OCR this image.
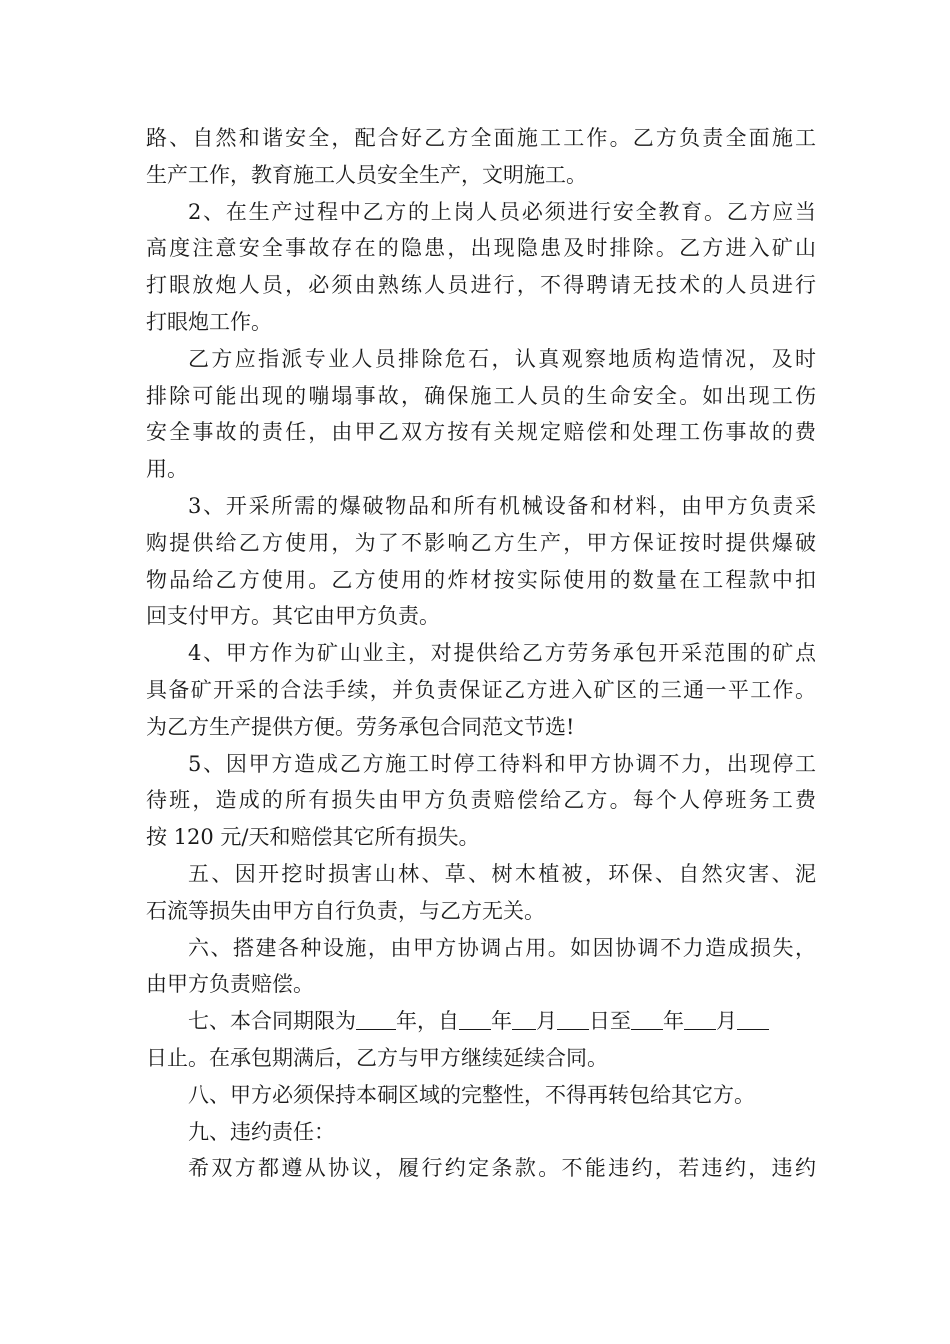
路、自然和谐安全，配合好乙方全面施工工作。乙方负责全面施工
生产工作，教育施工人员安全生产，文明施工。
2、在生产过程中乙方的上岗人员必须进行安全教育。乙方应当
高度注意安全事故存在的隐患，出现隐患及时排除。乙方进入矿山
打眼放炮人员，必须由熟练人员进行，不得聘请无技术的人员进行
打眼炮工作。
乙方应指派专业人员排除危石，认真观察地质构造情况，及时
排除可能出现的嘣塌事故，确保施工人员的生命安全。如出现工伤
安全事故的责任，由甲乙双方按有关规定赔偿和处理工伤事故的费
用。
3、开采所需的爆破物品和所有机械设备和材料，由甲方负责采
购提供给乙方使用，为了不影响乙方生产，甲方保证按时提供爆破
物品给乙方使用。乙方使用的炸材按实际使用的数量在工程款中扣
回支付甲方。其它由甲方负责。
4、甲方作为矿山业主，对提供给乙方劳务承包开采范围的矿点
具备矿开采的合法手续，并负责保证乙方进入矿区的三通一平工作。
为乙方生产提供方便。劳务承包合同范文节选!
5、因甲方造成乙方施工时停工待料和甲方协调不力，出现停工
待班，造成的所有损失由甲方负责赔偿给乙方。每个人停班务工费
按 120 元/天和赔偿其它所有损失。
五、因开挖时损害山林、草、树木植被，环保、自然灾害、泥
石流等损失由甲方自行负责，与乙方无关。
六、搭建各种设施，由甲方协调占用。如因协调不力造成损失，
由甲方负责赔偿。
七、本合同期限为 年，自 年 月 日至 年 月
日止。在承包期满后，乙方与甲方继续延续合同。
八、甲方必须保持本硐区域的完整性，不得再转包给其它方。
九、违约责任：
希双方都遵从协议，履行约定条款。不能违约，若违约，违约
